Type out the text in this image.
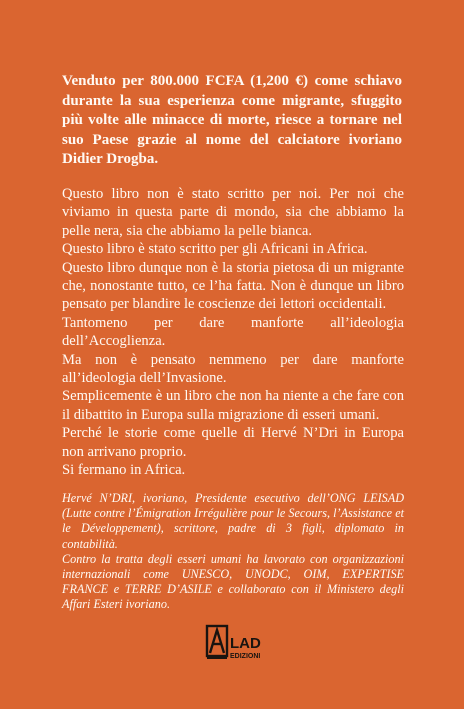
Venduto per 800.000 FCFA (1,200 €) come schiavo durante la sua esperienza come migrante, sfuggito più volte alle minacce di morte, riesce a tornare nel suo Paese grazie al nome del calciatore ivoriano Didier Drogba.

Questo libro non è stato scritto per noi. Per noi che viviamo in questa parte di mondo, sia che abbiamo la pelle nera, sia che abbiamo la pelle bianca.

Questo libro è stato scritto per gli Africani in Africa.

Questo libro dunque non è la storia pietosa di un migrante che, nonostante tutto, ce l’ha fatta. Non è dunque un libro pensato per blandire le coscienze dei lettori occidentali.

Tantomeno per dare manforte all’ideologia dell’Accoglienza.

Ma non è pensato nemmeno per dare manforte all’ideologia dell’Invasione.

Semplicemente è un libro che non ha niente a che fare con il dibattito in Europa sulla migrazione di esseri umani.

Perché le storie come quelle di Hervé N’Dri in Europa non arrivano proprio.

Si fermano in Africa.

Hervé N’DRI, ivoriano, Presidente esecutivo dell’ONG LEISAD (Lutte contre l’Émigration Irrégulière pour le Secours, l’Assistance et le Développement), scrittore, padre di 3 figli, diplomato in contabilità.

Contro la tratta degli esseri umani ha lavorato con organizzazioni internazionali come UNESCO, UNODC, OIM, EXPERTISE FRANCE e TERRE D’ASILE e collaborato con il Ministero degli Affari Esteri ivoriano.

LAD
EDIZIONI
